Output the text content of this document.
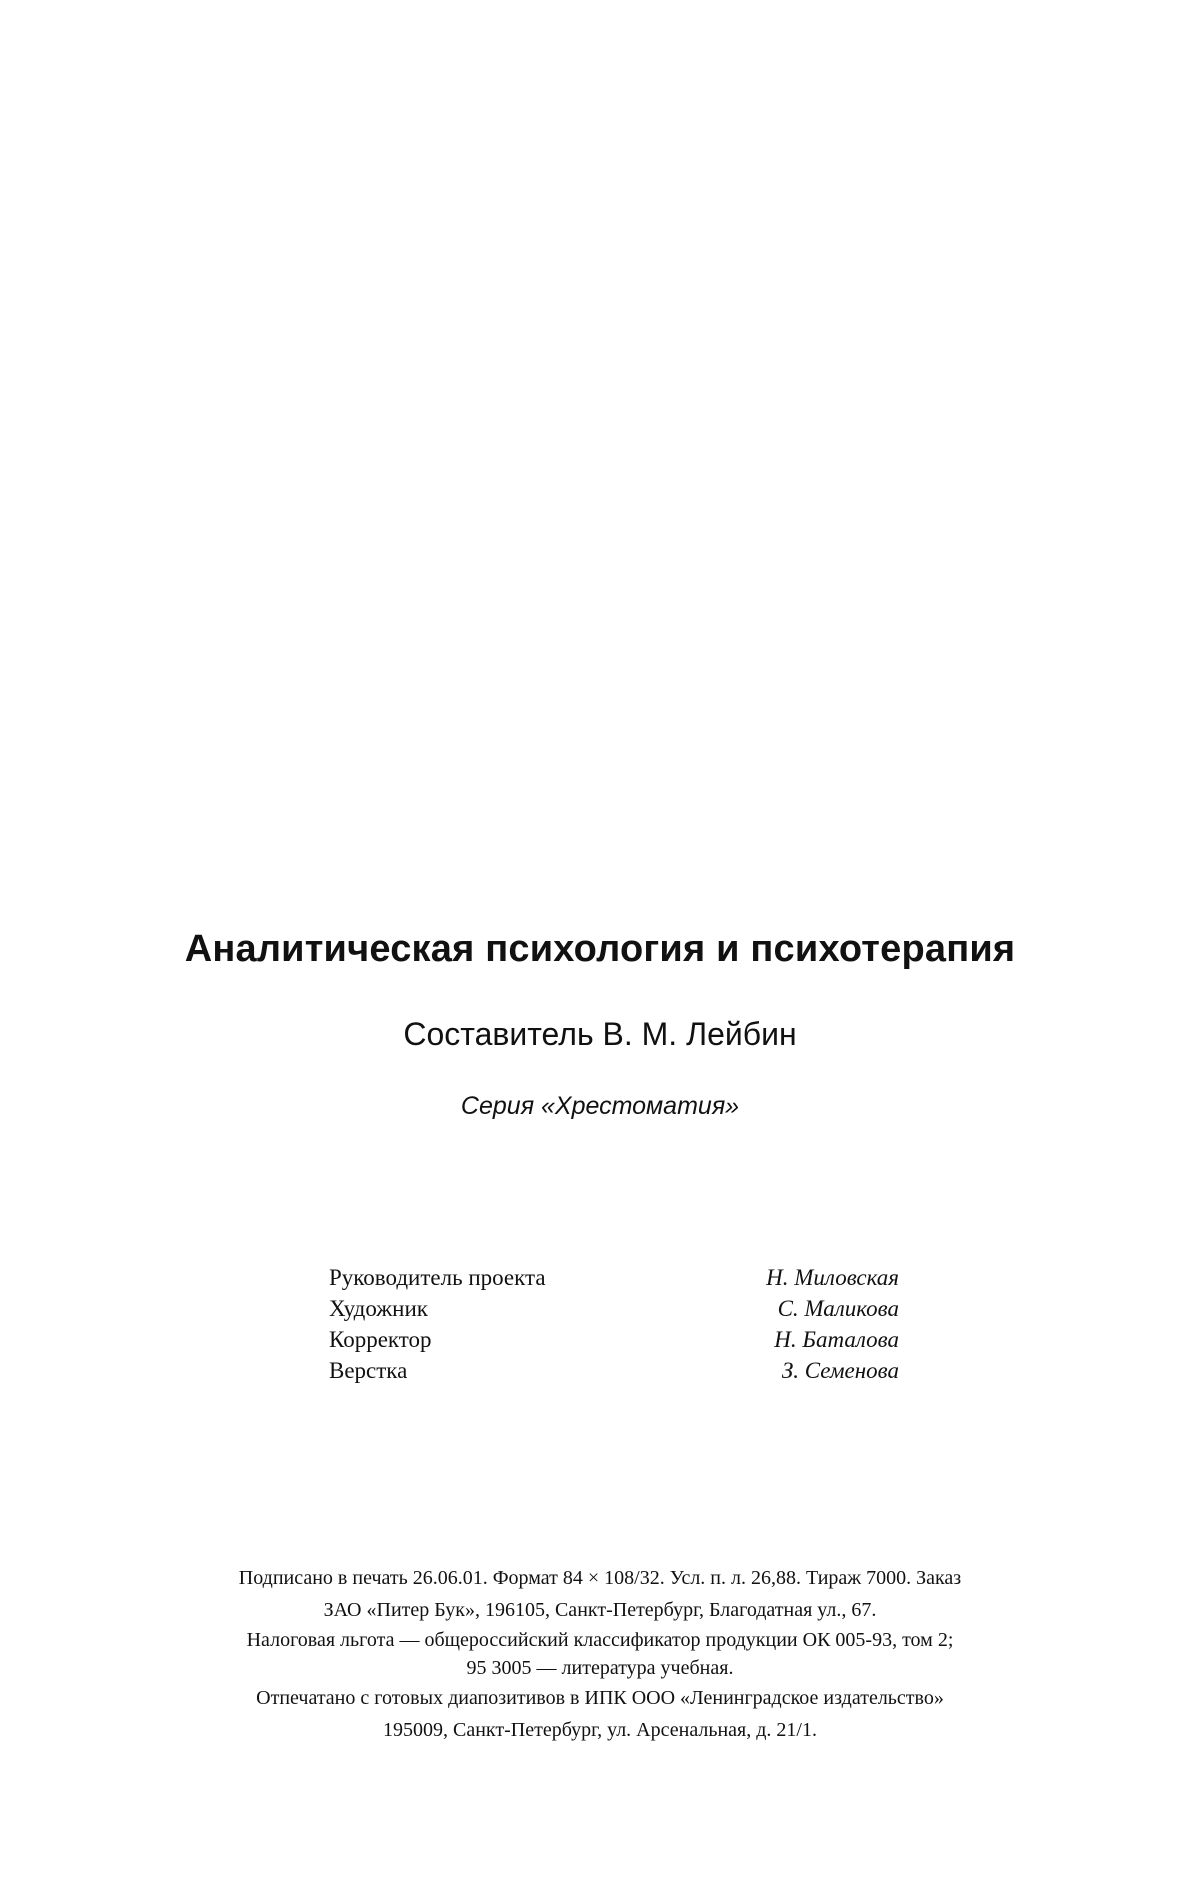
Аналитическая психология и психотерапия
Составитель В. М. Лейбин
Серия «Хрестоматия»
Руководитель проекта	Н. Миловская
Художник	С. Маликова
Корректор	Н. Баталова
Верстка	З. Семенова
Подписано в печать 26.06.01. Формат 84 × 108/32. Усл. п. л. 26,88. Тираж 7000. Заказ
ЗАО «Питер Бук», 196105, Санкт-Петербург, Благодатная ул., 67.
Налоговая льгота — общероссийский классификатор продукции ОК 005-93, том 2;
95 3005 — литература учебная.
Отпечатано с готовых диапозитивов в ИПК ООО «Ленинградское издательство»
195009, Санкт-Петербург, ул. Арсенальная, д. 21/1.
